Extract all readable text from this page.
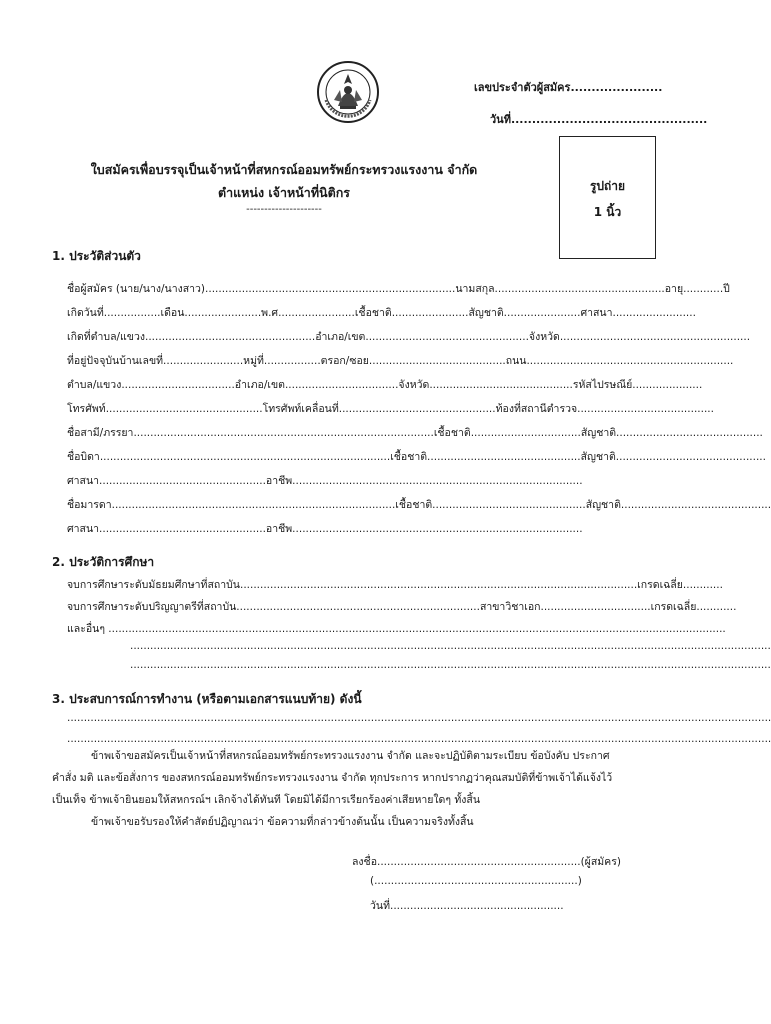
เลขประจำตัวผู้สมัคร......................
วันที่...............................................
ใบสมัครเพื่อบรรจุเป็นเจ้าหน้าที่สหกรณ์ออมทรัพย์กระทรวงแรงงาน จำกัด
ตำแหน่ง เจ้าหน้าที่นิติกร
---------------------
รูปถ่าย
1 นิ้ว
1. ประวัติส่วนตัว
ชื่อผู้สมัคร (นาย/นาง/นางสาว)...........................................................................นามสกุล...................................................อายุ............ปี
เกิดวันที่.................เดือน.......................พ.ศ.......................เชื้อชาติ.......................สัญชาติ.......................ศาสนา.........................
เกิดที่ตำบล/แขวง...................................................อำเภอ/เขต.................................................จังหวัด.........................................................
ที่อยู่ปัจจุบันบ้านเลขที่........................หมู่ที่.................ตรอก/ซอย.........................................ถนน..............................................................
ตำบล/แขวง..................................อำเภอ/เขต..................................จังหวัด...........................................รหัสไปรษณีย์.....................
โทรศัพท์...............................................โทรศัพท์เคลื่อนที่...............................................ท้องที่สถานีตำรวจ.........................................
ชื่อสามี/ภรรยา..........................................................................................เชื้อชาติ.................................สัญชาติ............................................
ชื่อบิดา.......................................................................................เชื้อชาติ..............................................สัญชาติ.............................................
ศาสนา..................................................อาชีพ.......................................................................................
ชื่อมารดา.....................................................................................เชื้อชาติ..............................................สัญชาติ.............................................
ศาสนา..................................................อาชีพ.......................................................................................
2. ประวัติการศึกษา
จบการศึกษาระดับมัธยมศึกษาที่สถาบัน.......................................................................................................................เกรดเฉลี่ย............
จบการศึกษาระดับปริญญาตรีที่สถาบัน.........................................................................สาขาวิชาเอก.................................เกรดเฉลี่ย............
และอื่นๆ .........................................................................................................................................................................................
................................................................................................................................................................................................
................................................................................................................................................................................................
3. ประสบการณ์การทำงาน (หรือตามเอกสารแนบท้าย) ดังนี้
...................................................................................................................................................................................................................
...................................................................................................................................................................................................................
ข้าพเจ้าขอสมัครเป็นเจ้าหน้าที่สหกรณ์ออมทรัพย์กระทรวงแรงงาน จำกัด และจะปฏิบัติตามระเบียบ ข้อบังคับ ประกาศ
คำสั่ง มติ และข้อสั่งการ ของสหกรณ์ออมทรัพย์กระทรวงแรงงาน จำกัด ทุกประการ หากปรากฏว่าคุณสมบัติที่ข้าพเจ้าได้แจ้งไว้
เป็นเท็จ ข้าพเจ้ายินยอมให้สหกรณ์ฯ เลิกจ้างได้ทันที โดยมิได้มีการเรียกร้องค่าเสียหายใดๆ ทั้งสิ้น
ข้าพเจ้าขอรับรองให้คำสัตย์ปฏิญาณว่า ข้อความที่กล่าวข้างต้นนั้น เป็นความจริงทั้งสิ้น
ลงชื่อ.............................................................(ผู้สมัคร)
(.............................................................)
วันที่....................................................
